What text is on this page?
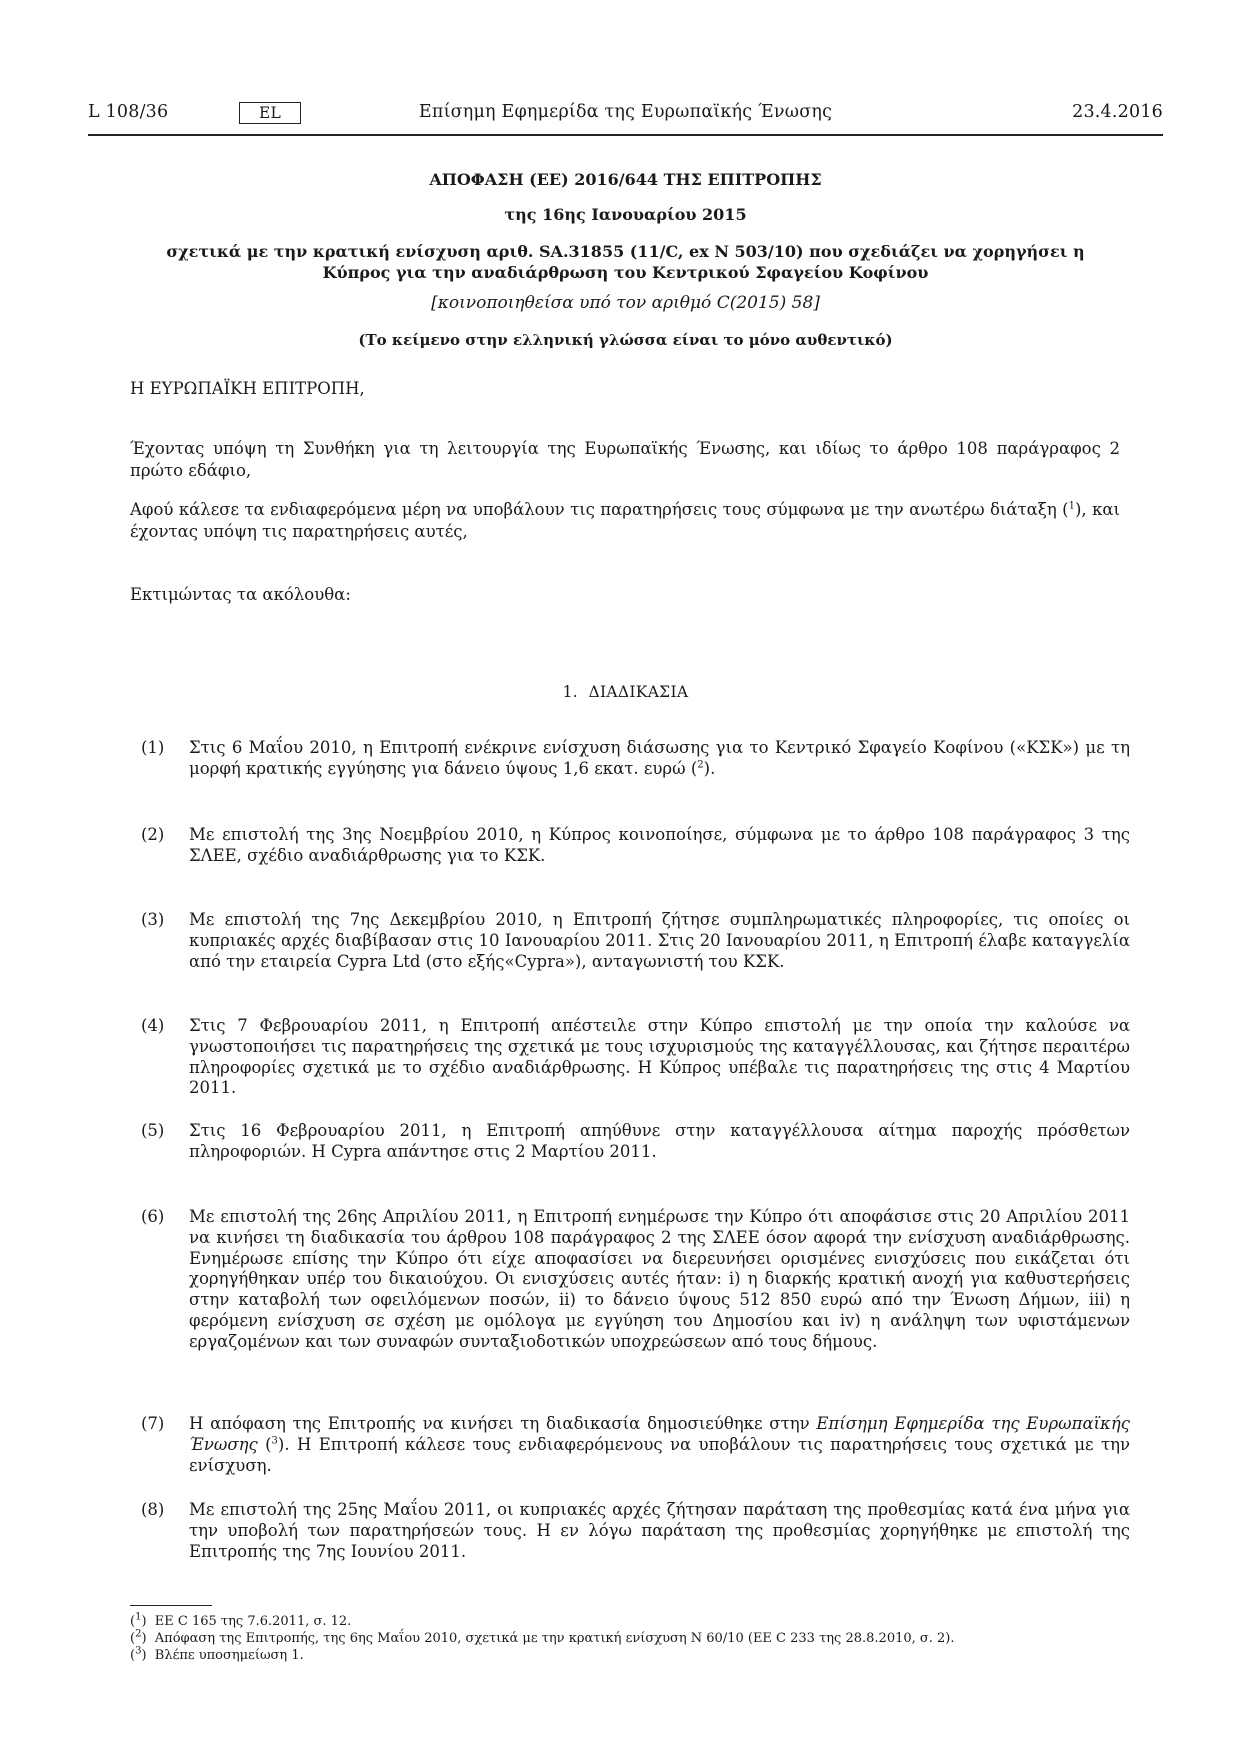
L 108/36	EL	Επίσημη Εφημερίδα της Ευρωπαϊκής Ένωσης	23.4.2016
ΑΠΟΦΑΣΗ (ΕΕ) 2016/644 ΤΗΣ ΕΠΙΤΡΟΠΗΣ
της 16ης Ιανουαρίου 2015
σχετικά με την κρατική ενίσχυση αριθ. SA.31855 (11/C, ex N 503/10) που σχεδιάζει να χορηγήσει η
Κύπρος για την αναδιάρθρωση του Κεντρικού Σφαγείου Κοφίνου
[κοινοποιηθείσα υπό τον αριθμό C(2015) 58]
(Το κείμενο στην ελληνική γλώσσα είναι το μόνο αυθεντικό)
Η ΕΥΡΩΠΑΪΚΗ ΕΠΙΤΡΟΠΗ,
Έχοντας υπόψη τη Συνθήκη για τη λειτουργία της Ευρωπαϊκής Ένωσης, και ιδίως το άρθρο 108 παράγραφος 2 πρώτο εδάφιο,
Αφού κάλεσε τα ενδιαφερόμενα μέρη να υποβάλουν τις παρατηρήσεις τους σύμφωνα με την ανωτέρω διάταξη ($^1$), και έχοντας υπόψη τις παρατηρήσεις αυτές,
Εκτιμώντας τα ακόλουθα:
1. ΔΙΑΔΙΚΑΣΙΑ
(1) Στις 6 Μαΐου 2010, η Επιτροπή ενέκρινε ενίσχυση διάσωσης για το Κεντρικό Σφαγείο Κοφίνου («ΚΣΚ») με τη μορφή κρατικής εγγύησης για δάνειο ύψους 1,6 εκατ. ευρώ ($^2$).
(2) Με επιστολή της 3ης Νοεμβρίου 2010, η Κύπρος κοινοποίησε, σύμφωνα με το άρθρο 108 παράγραφος 3 της ΣΛΕΕ, σχέδιο αναδιάρθρωσης για το ΚΣΚ.
(3) Με επιστολή της 7ης Δεκεμβρίου 2010, η Επιτροπή ζήτησε συμπληρωματικές πληροφορίες, τις οποίες οι κυπριακές αρχές διαβίβασαν στις 10 Ιανουαρίου 2011. Στις 20 Ιανουαρίου 2011, η Επιτροπή έλαβε καταγγελία από την εταιρεία Cypra Ltd (στο εξής«Cypra»), ανταγωνιστή του ΚΣΚ.
(4) Στις 7 Φεβρουαρίου 2011, η Επιτροπή απέστειλε στην Κύπρο επιστολή με την οποία την καλούσε να γνωστοποιήσει τις παρατηρήσεις της σχετικά με τους ισχυρισμούς της καταγγέλλουσας, και ζήτησε περαιτέρω πληροφορίες σχετικά με το σχέδιο αναδιάρθρωσης. Η Κύπρος υπέβαλε τις παρατηρήσεις της στις 4 Μαρτίου 2011.
(5) Στις 16 Φεβρουαρίου 2011, η Επιτροπή απηύθυνε στην καταγγέλλουσα αίτημα παροχής πρόσθετων πληροφοριών. Η Cypra απάντησε στις 2 Μαρτίου 2011.
(6) Με επιστολή της 26ης Απριλίου 2011, η Επιτροπή ενημέρωσε την Κύπρο ότι αποφάσισε στις 20 Απριλίου 2011 να κινήσει τη διαδικασία του άρθρου 108 παράγραφος 2 της ΣΛΕΕ όσον αφορά την ενίσχυση αναδιάρθρωσης. Ενημέρωσε επίσης την Κύπρο ότι είχε αποφασίσει να διερευνήσει ορισμένες ενισχύσεις που εικάζεται ότι χορηγήθηκαν υπέρ του δικαιούχου. Οι ενισχύσεις αυτές ήταν: i) η διαρκής κρατική ανοχή για καθυστερήσεις στην καταβολή των οφειλόμενων ποσών, ii) το δάνειο ύψους 512 850 ευρώ από την Ένωση Δήμων, iii) η φερόμενη ενίσχυση σε σχέση με ομόλογα με εγγύηση του Δημοσίου και iv) η ανάληψη των υφιστάμενων εργαζομένων και των συναφών συνταξιοδοτικών υποχρεώσεων από τους δήμους.
(7) Η απόφαση της Επιτροπής να κινήσει τη διαδικασία δημοσιεύθηκε στην Επίσημη Εφημερίδα της Ευρωπαϊκής Ένωσης ($^3$). Η Επιτροπή κάλεσε τους ενδιαφερόμενους να υποβάλουν τις παρατηρήσεις τους σχετικά με την ενίσχυση.
(8) Με επιστολή της 25ης Μαΐου 2011, οι κυπριακές αρχές ζήτησαν παράταση της προθεσμίας κατά ένα μήνα για την υποβολή των παρατηρήσεών τους. Η εν λόγω παράταση της προθεσμίας χορηγήθηκε με επιστολή της Επιτροπής της 7ης Ιουνίου 2011.
($^1$)  ΕΕ C 165 της 7.6.2011, σ. 12.
($^2$)  Απόφαση της Επιτροπής, της 6ης Μαΐου 2010, σχετικά με την κρατική ενίσχυση N 60/10 (ΕΕ C 233 της 28.8.2010, σ. 2).
($^3$)  Βλέπε υποσημείωση 1.
